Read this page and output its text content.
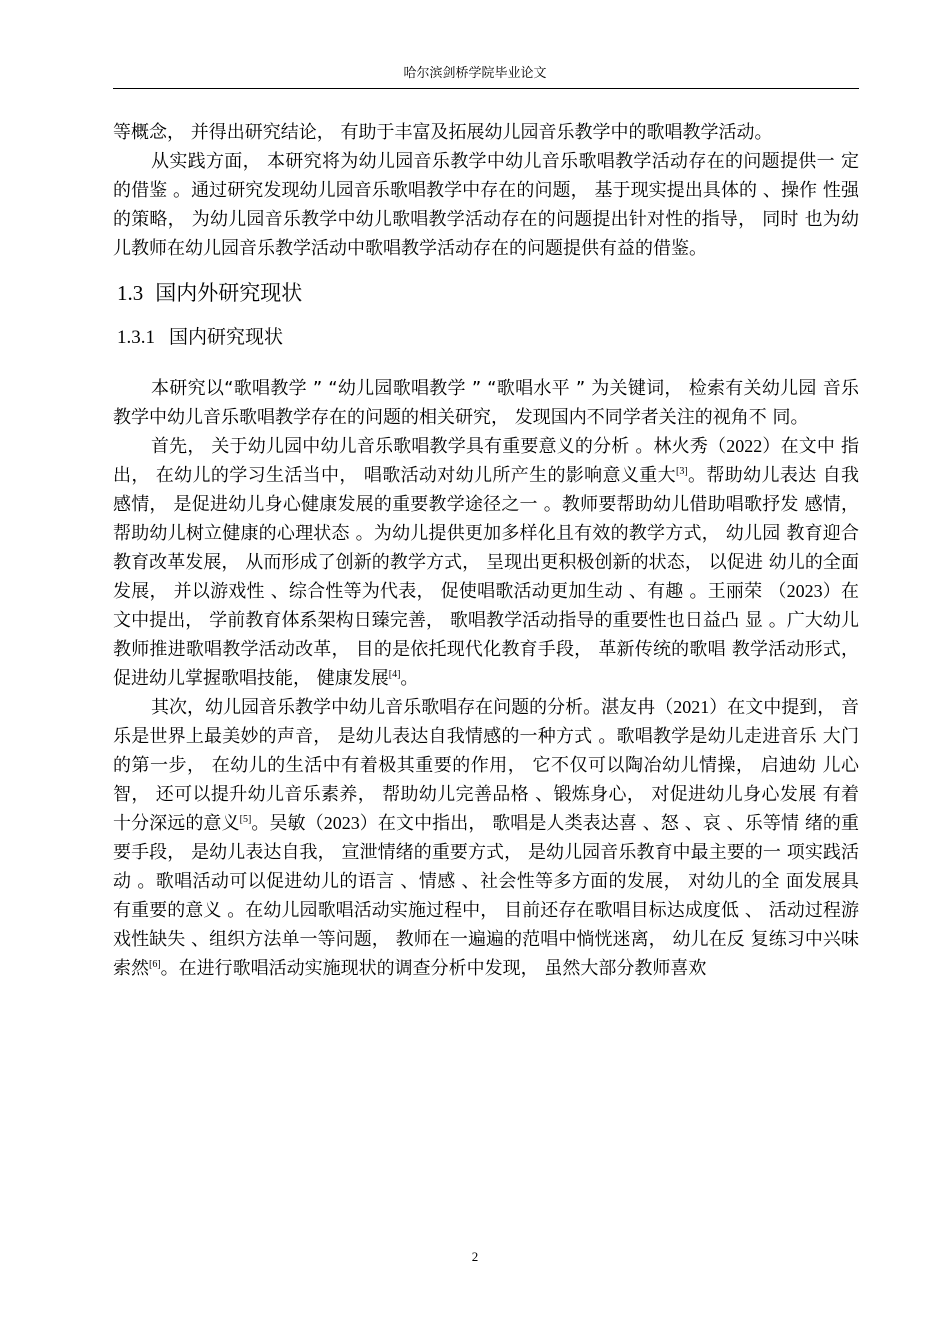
哈尔滨剑桥学院毕业论文

等概念， 并得出研究结论， 有助于丰富及拓展幼儿园音乐教学中的歌唱教学活动。

从实践方面， 本研究将为幼儿园音乐教学中幼儿音乐歌唱教学活动存在的问题提供一 定的借鉴 。通过研究发现幼儿园音乐歌唱教学中存在的问题， 基于现实提出具体的 、操作 性强的策略， 为幼儿园音乐教学中幼儿歌唱教学活动存在的问题提出针对性的指导， 同时 也为幼儿教师在幼儿园音乐教学活动中歌唱教学活动存在的问题提供有益的借鉴。

1.3 国内外研究现状
1.3.1 国内研究现状

本研究以“歌唱教学 ” “幼儿园歌唱教学 ” “歌唱水平 ” 为关键词， 检索有关幼儿园 音乐教学中幼儿音乐歌唱教学存在的问题的相关研究， 发现国内不同学者关注的视角不 同。

首先， 关于幼儿园中幼儿音乐歌唱教学具有重要意义的分析 。林火秀（2022）在文中 指出， 在幼儿的学习生活当中， 唱歌活动对幼儿所产生的影响意义重大[3]。帮助幼儿表达 自我感情， 是促进幼儿身心健康发展的重要教学途径之一 。教师要帮助幼儿借助唱歌抒发 感情， 帮助幼儿树立健康的心理状态 。为幼儿提供更加多样化且有效的教学方式， 幼儿园 教育迎合教育改革发展， 从而形成了创新的教学方式， 呈现出更积极创新的状态， 以促进 幼儿的全面发展， 并以游戏性 、综合性等为代表， 促使唱歌活动更加生动 、有趣 。王丽荣 （2023）在文中提出， 学前教育体系架构日臻完善， 歌唱教学活动指导的重要性也日益凸 显 。广大幼儿教师推进歌唱教学活动改革， 目的是依托现代化教育手段， 革新传统的歌唱 教学活动形式， 促进幼儿掌握歌唱技能， 健康发展[4]。

其次，幼儿园音乐教学中幼儿音乐歌唱存在问题的分析。湛友冉（2021）在文中提到， 音乐是世界上最美妙的声音， 是幼儿表达自我情感的一种方式 。歌唱教学是幼儿走进音乐 大门的第一步， 在幼儿的生活中有着极其重要的作用， 它不仅可以陶冶幼儿情操， 启迪幼 儿心智， 还可以提升幼儿音乐素养， 帮助幼儿完善品格 、锻炼身心， 对促进幼儿身心发展 有着十分深远的意义[5]。吴敏（2023）在文中指出， 歌唱是人类表达喜 、怒 、哀 、乐等情 绪的重要手段， 是幼儿表达自我， 宣泄情绪的重要方式， 是幼儿园音乐教育中最主要的一 项实践活动 。歌唱活动可以促进幼儿的语言 、情感 、社会性等多方面的发展， 对幼儿的全 面发展具有重要的意义 。在幼儿园歌唱活动实施过程中， 目前还存在歌唱目标达成度低 、 活动过程游戏性缺失 、组织方法单一等问题， 教师在一遍遍的范唱中惝恍迷离， 幼儿在反 复练习中兴味索然[6]。在进行歌唱活动实施现状的调查分析中发现， 虽然大部分教师喜欢

2
